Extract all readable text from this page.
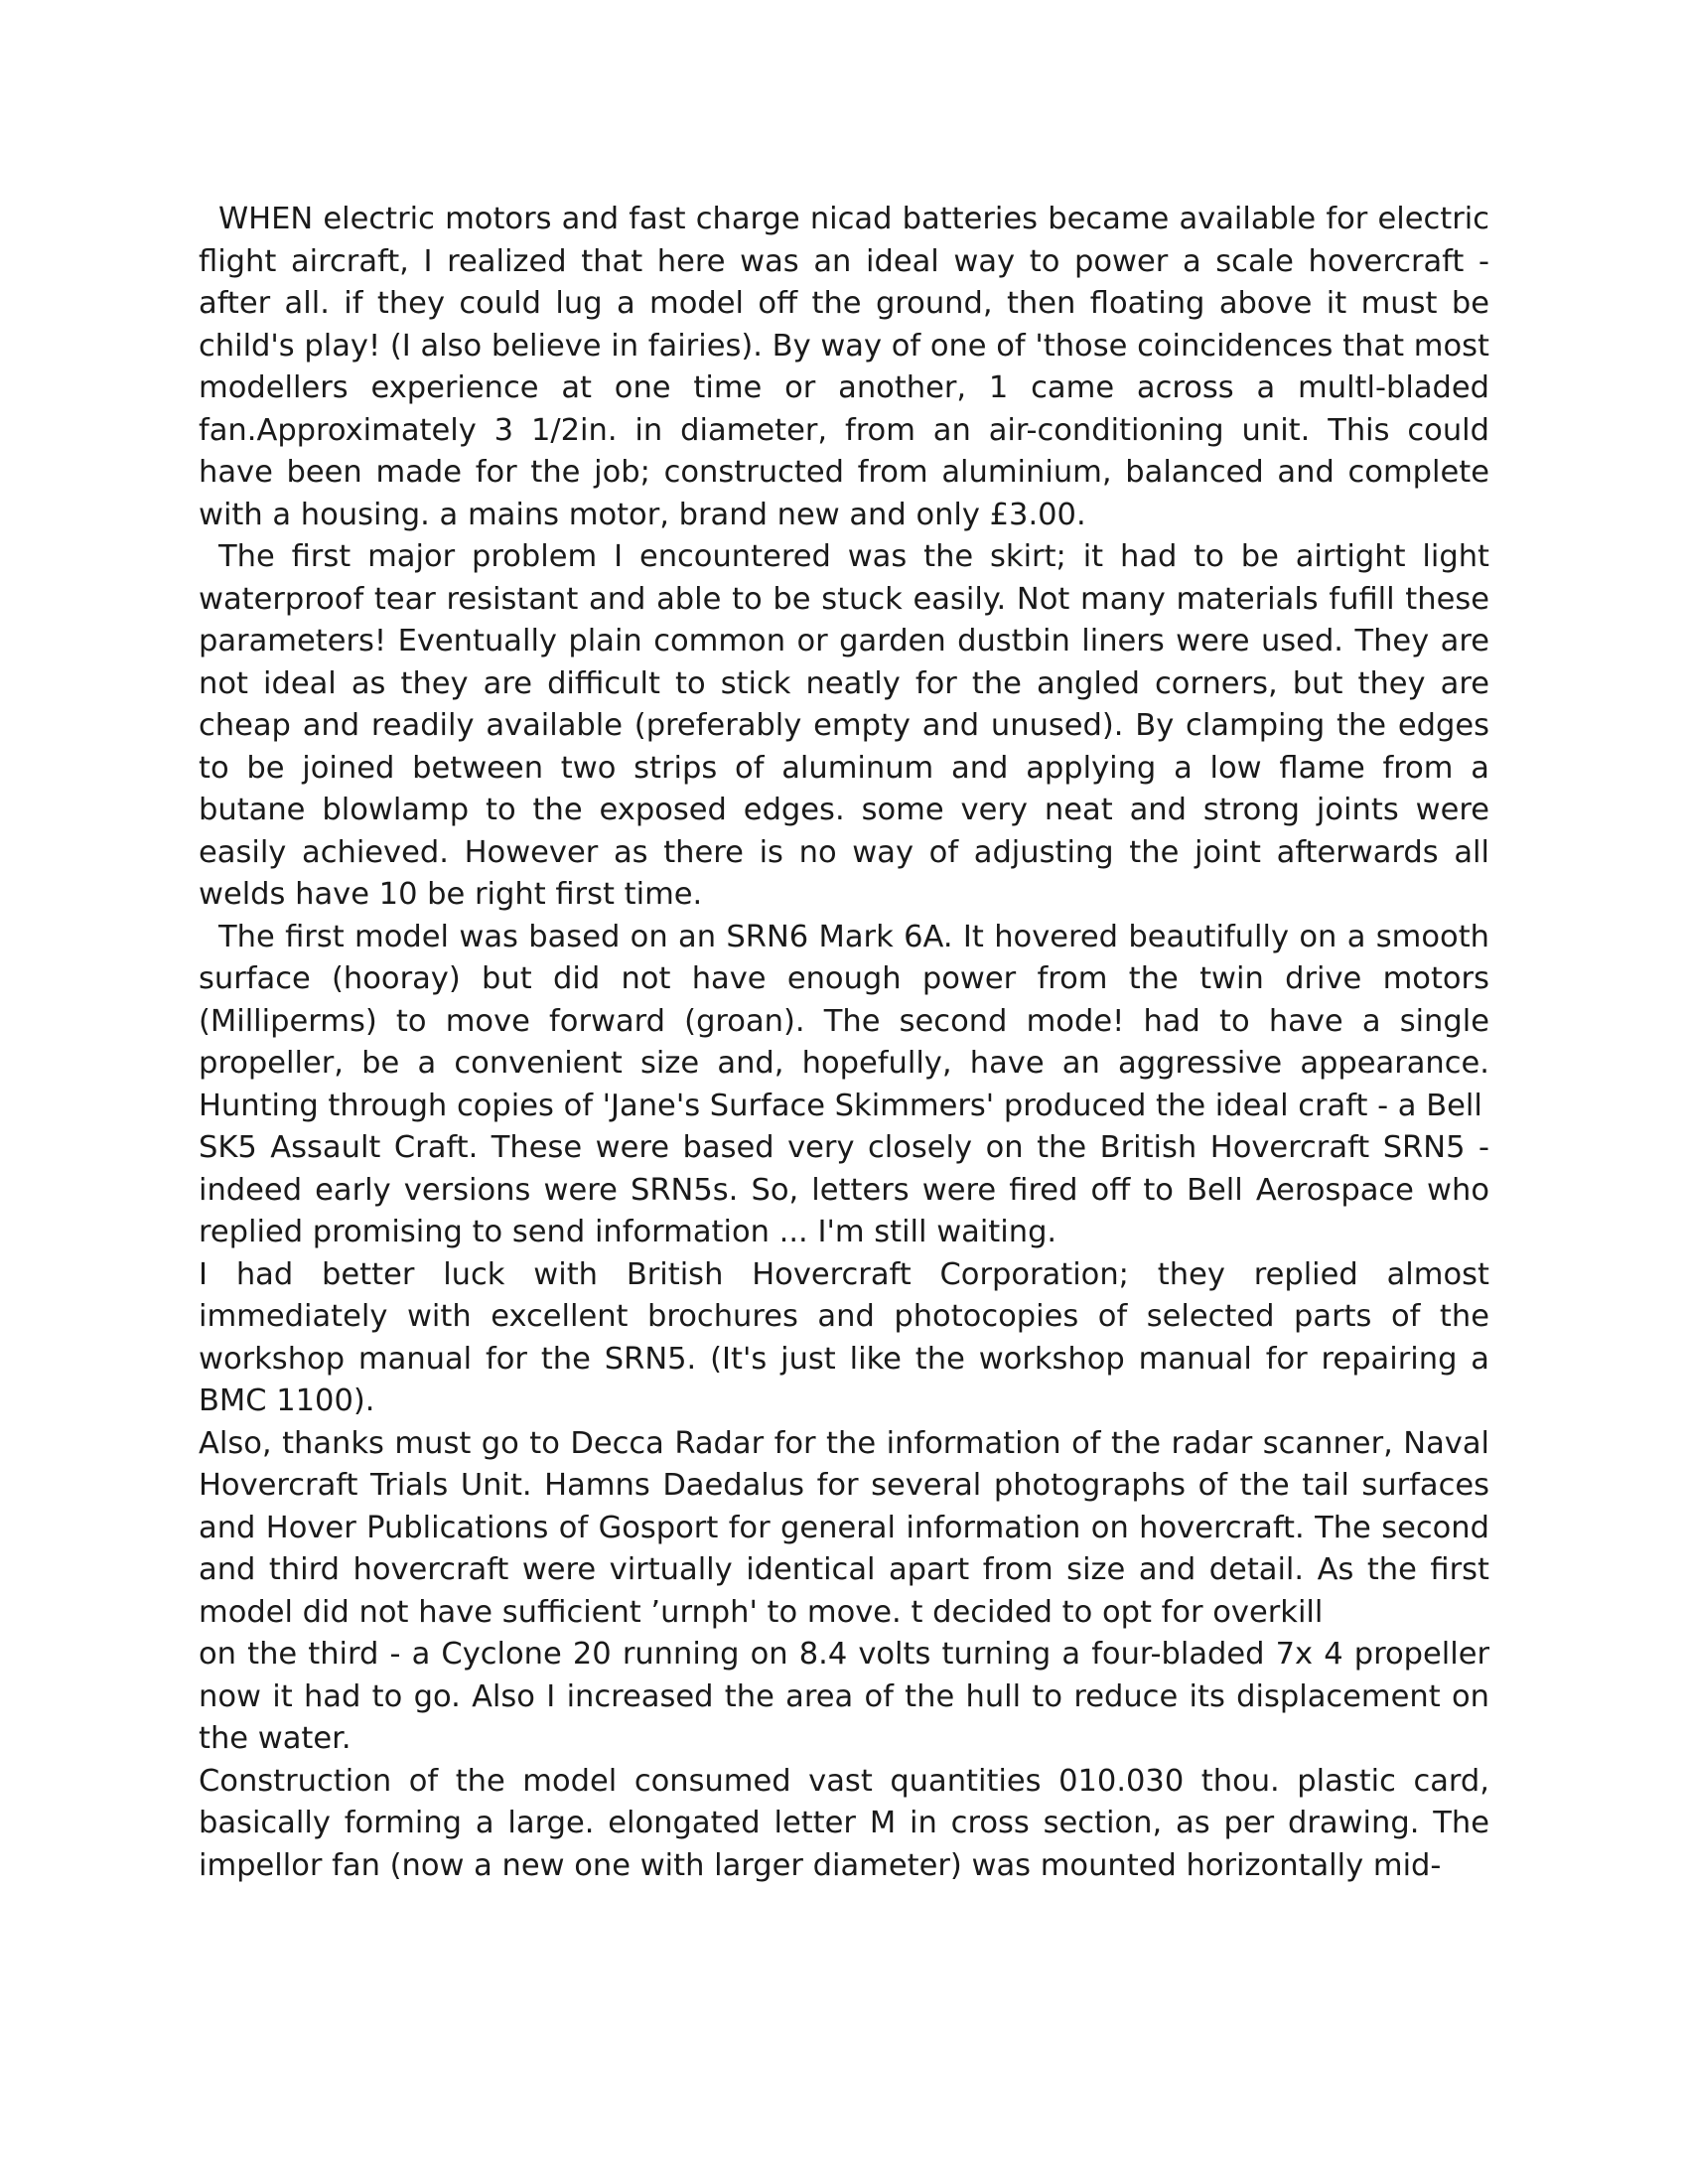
WHEN electric motors and fast charge nicad batteries became available for electric flight aircraft, I realized that here was an ideal way to power a scale hovercraft - after all. if they could lug a model off the ground, then floating above it must be child's play! (I also believe in fairies). By way of one of 'those coincidences that most modellers experience at one time or another, 1 came across a multl-bladed fan.Approximately 3 1/2in. in diameter, from an air-conditioning unit. This could have been made for the job; constructed from aluminium, balanced and complete with a housing. a mains motor, brand new and only £3.00.

The first major problem I encountered was the skirt; it had to be airtight light waterproof tear resistant and able to be stuck easily. Not many materials fufill these parameters! Eventually plain common or garden dustbin liners were used. They are not ideal as they are difficult to stick neatly for the angled corners, but they are cheap and readily available (preferably empty and unused). By clamping the edges to be joined between two strips of aluminum and applying a low flame from a butane blowlamp to the exposed edges. some very neat and strong joints were easily achieved. However as there is no way of adjusting the joint afterwards all welds have 10 be right first time.

The first model was based on an SRN6 Mark 6A. It hovered beautifully on a smooth surface (hooray) but did not have enough power from the twin drive motors (Milliperms) to move forward (groan). The second mode! had to have a single propeller, be a convenient size and, hopefully, have an aggressive appearance. Hunting through copies of 'Jane's Surface Skimmers' produced the ideal craft - a Bell

SK5 Assault Craft. These were based very closely on the British Hovercraft SRN5 - indeed early versions were SRN5s. So, letters were fired off to Bell Aerospace who replied promising to send information ... I'm still waiting.

I had better luck with British Hovercraft Corporation; they replied almost immediately with excellent brochures and photocopies of selected parts of the workshop manual for the SRN5. (It's just like the workshop manual for repairing a BMC 1100).

Also, thanks must go to Decca Radar for the information of the radar scanner, Naval Hovercraft Trials Unit. Hamns Daedalus for several photographs of the tail surfaces and Hover Publications of Gosport for general information on hovercraft. The second and third hovercraft were virtually identical apart from size and detail. As the first model did not have sufficient ’urnph' to move. t decided to opt for overkill

on the third - a Cyclone 20 running on 8.4 volts turning a four-bladed 7x 4 propeller now it had to go. Also I increased the area of the hull to reduce its displacement on the water.

Construction of the model consumed vast quantities 010.030 thou. plastic card, basically forming a large. elongated letter M in cross section, as per drawing. The impellor fan (now a new one with larger diameter) was mounted horizontally mid-
